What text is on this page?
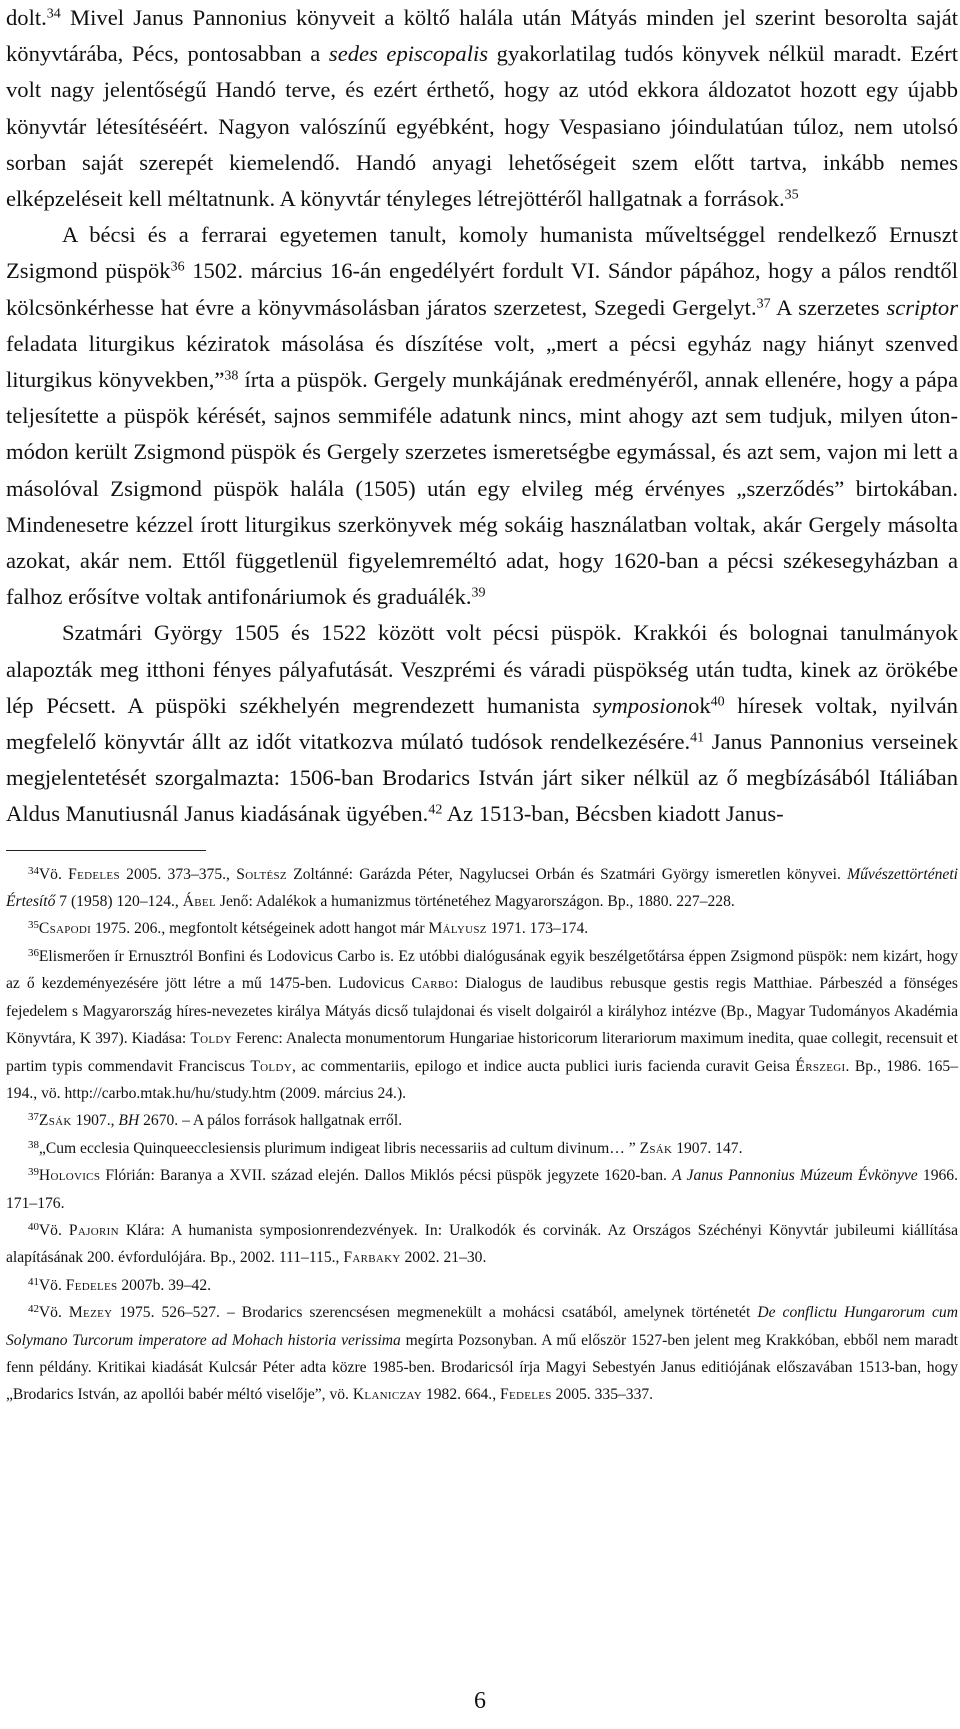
dolt.$^{34}$ Mivel Janus Pannonius könyveit a költő halála után Mátyás minden jel szerint besorolta saját könyvtárába, Pécs, pontosabban a sedes episcopalis gyakorlatilag tudós könyvek nélkül maradt. Ezért volt nagy jelentőségű Handó terve, és ezért érthető, hogy az utód ekkora áldozatot hozott egy újabb könyvtár létesítéséért. Nagyon valószínű egyébként, hogy Vespasiano jóindulatúan túloz, nem utolsó sorban saját szerepét kiemelendő. Handó anyagi lehetőségeit szem előtt tartva, inkább nemes elképzeléseit kell méltatnunk. A könyvtár tényleges létrejöttéről hallgatnak a források.$^{35}$

A bécsi és a ferrarai egyetemen tanult, komoly humanista műveltséggel rendelkező Ernuszt Zsigmond püspök$^{36}$ 1502. március 16-án engedélyért fordult VI. Sándor pápához, hogy a pálos rendtől kölcsönkérhesse hat évre a könyvmásolásban járatos szerzetest, Szegedi Gergelyt.$^{37}$ A szerzetes scriptor feladata liturgikus kéziratok másolása és díszítése volt, „mert a pécsi egyház nagy hiányt szenved liturgikus könyvekben,”$^{38}$ írta a püspök. Gergely munkájának eredményéről, annak ellenére, hogy a pápa teljesítette a püspök kérését, sajnos semmiféle adatunk nincs, mint ahogy azt sem tudjuk, milyen úton-módon került Zsigmond püspök és Gergely szerzetes ismeretségbe egymással, és azt sem, vajon mi lett a másolóval Zsigmond püspök halála (1505) után egy elvileg még érvényes „szerződés” birtokában. Mindenesetre kézzel írott liturgikus szerkönyvek még sokáig használatban voltak, akár Gergely másolta azokat, akár nem. Ettől függetlenül figyelemreméltó adat, hogy 1620-ban a pécsi székesegyházban a falhoz erősítve voltak antifonáriumok és graduálék.$^{39}$

Szatmári György 1505 és 1522 között volt pécsi püspök. Krakkói és bolognai tanulmányok alapozták meg itthoni fényes pályafutását. Veszprémi és váradi püspökség után tudta, kinek az örökébe lép Pécsett. A püspöki székhelyén megrendezett humanista symposionok$^{40}$ híresek voltak, nyilván megfelelő könyvtár állt az időt vitatkozva múlató tudósok rendelkezésére.$^{41}$ Janus Pannonius verseinek megjelentetését szorgalmazta: 1506-ban Brodarics István járt siker nélkül az ő megbízásából Itáliában Aldus Manutiusnál Janus kiadásának ügyében.$^{42}$ Az 1513-ban, Bécsben kiadott Janus-

$^{34}$Vö. Fedeles 2005. 373–375., Soltész Zoltánné: Garázda Péter, Nagylucsei Orbán és Szatmári György ismeretlen könyvei. Művészettörténeti Értesítő 7 (1958) 120–124., Ábel Jenő: Adalékok a humanizmus történetéhez Magyarországon. Bp., 1880. 227–228.

$^{35}$Csapodi 1975. 206., megfontolt kétségeinek adott hangot már Mályusz 1971. 173–174.

$^{36}$Elismerően ír Ernusztról Bonfini és Lodovicus Carbo is. Ez utóbbi dialógusának egyik beszélgetőtársa éppen Zsigmond püspök: nem kizárt, hogy az ő kezdeményezésére jött létre a mű 1475-ben. Ludovicus Carbo: Dialogus de laudibus rebusque gestis regis Matthiae. Párbeszéd a fönséges fejedelem s Magyarország híres-nevezetes királya Mátyás dicső tulajdonai és viselt dolgairól a királyhoz intézve (Bp., Magyar Tudományos Akadémia Könyvtára, K 397). Kiadása: Toldy Ferenc: Analecta monumentorum Hungariae historicorum literariorum maximum inedita, quae collegit, recensuit et partim typis commendavit Franciscus Toldy, ac commentariis, epilogo et indice aucta publici iuris facienda curavit Geisa Érszegi. Bp., 1986. 165–194., vö. http://carbo.mtak.hu/hu/study.htm (2009. március 24.).

$^{37}$Zsák 1907., BH 2670. – A pálos források hallgatnak erről.

$^{38}$„Cum ecclesia Quinqueecclesiensis plurimum indigeat libris necessariis ad cultum divinum… ” Zsák 1907. 147.

$^{39}$Holovics Flórián: Baranya a XVII. század elején. Dallos Miklós pécsi püspök jegyzete 1620-ban. A Janus Pannonius Múzeum Évkönyve 1966. 171–176.

$^{40}$Vö. Pajorin Klára: A humanista symposionrendezvények. In: Uralkodók és corvinák. Az Országos Széchényi Könyvtár jubileumi kiállítása alapításának 200. évfordulójára. Bp., 2002. 111–115., Farbaky 2002. 21–30.

$^{41}$Vö. Fedeles 2007b. 39–42.

$^{42}$Vö. Mezey 1975. 526–527. – Brodarics szerencsésen megmenekült a mohácsi csatából, amelynek történetét De conflictu Hungarorum cum Solymano Turcorum imperatore ad Mohach historia verissima megírta Pozsonyban. A mű először 1527-ben jelent meg Krakkóban, ebből nem maradt fenn példány. Kritikai kiadását Kulcsár Péter adta közre 1985-ben. Brodaricsól írja Magyi Sebestyén Janus editiójának előszavában 1513-ban, hogy „Brodarics István, az apollói babér méltó viselője”, vö. Klaniczay 1982. 664., Fedeles 2005. 335–337.

6
